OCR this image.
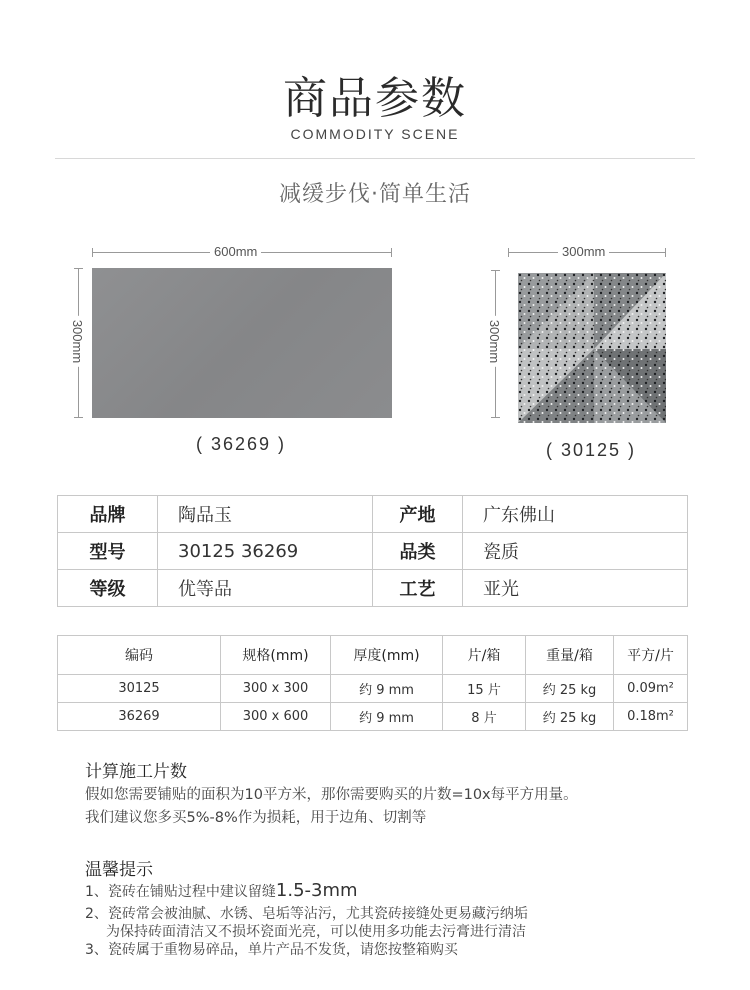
商品参数
COMMODITY SCENE
减缓步伐·简单生活
600mm
300mm
( 36269 )
300mm
300mm
( 30125 )
品牌	陶品玉	产地	广东佛山
型号	30125 36269	品类	瓷质
等级	优等品	工艺	亚光
编码	规格(mm)	厚度(mm)	片/箱	重量/箱	平方/片
30125	300 x 300	约 9 mm	15 片	约 25 kg	0.09m²
36269	300 x 600	约 9 mm	8 片	约 25 kg	0.18m²
计算施工片数
假如您需要铺贴的面积为10平方米，那你需要购买的片数=10x每平方用量。
我们建议您多买5%-8%作为损耗，用于边角、切割等
温馨提示
1、瓷砖在铺贴过程中建议留缝1.5-3mm
2、瓷砖常会被油腻、水锈、皂垢等沾污，尤其瓷砖接缝处更易藏污纳垢
为保持砖面清洁又不损坏瓷面光亮，可以使用多功能去污膏进行清洁
3、瓷砖属于重物易碎品，单片产品不发货，请您按整箱购买
